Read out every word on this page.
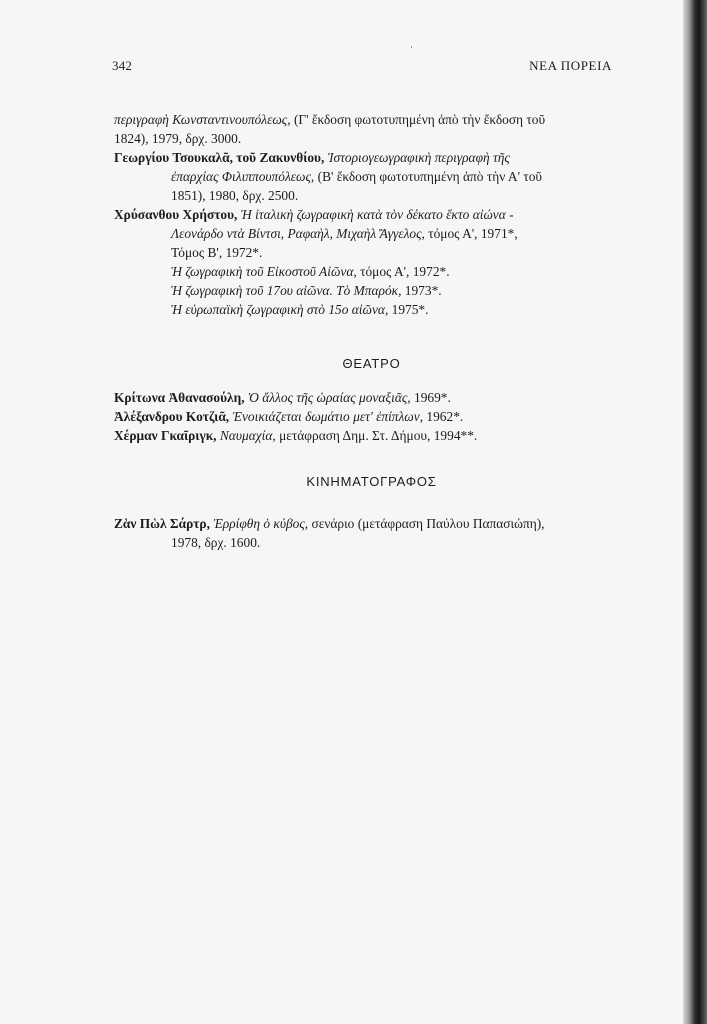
342	ΝΕΑ ΠΟΡΕΙΑ

περιγραφὴ Κωνσταντινουπόλεως, (Γ' ἔκδοση φωτοτυπημένη ἀπὸ τὴν ἔκδοση τοῦ

1824), 1979, δρχ. 3000.

Γεωργίου Τσουκαλᾶ, τοῦ Ζακυνθίου, Ἱστοριογεωγραφικὴ περιγραφὴ τῆς

ἐπαρχίας Φιλιππουπόλεως, (Β' ἔκδοση φωτοτυπημένη ἀπὸ τὴν Α' τοῦ

1851), 1980, δρχ. 2500.

Χρύσανθου Χρήστου, Ἡ ἰταλικὴ ζωγραφικὴ κατὰ τὸν δέκατο ἕκτο αἰώνα -

Λεονάρδο ντὰ Βίντσι, Ραφαὴλ, Μιχαὴλ Ἄγγελος, τόμος Α', 1971*,

Τόμος Β', 1972*.

Ἡ ζωγραφικὴ τοῦ Εἰκοστοῦ Αἰῶνα, τόμος Α', 1972*.

Ἡ ζωγραφικὴ τοῦ 17ου αἰῶνα. Τὸ Μπαρόκ, 1973*.

Ἡ εὐρωπαϊκὴ ζωγραφικὴ στὸ 15ο αἰῶνα, 1975*.

ΘΕΑΤΡΟ

Κρίτωνα Ἀθανασούλη, Ὁ ἄλλος τῆς ὡραίας μοναξιᾶς, 1969*.

Ἀλέξανδρου Κοτζιᾶ, Ἐνοικιάζεται δωμάτιο μετ' ἐπίπλων, 1962*.

Χέρμαν Γκαῖριγκ, Ναυμαχία, μετάφραση Δημ. Στ. Δήμου, 1994**.

ΚΙΝΗΜΑΤΟΓΡΑΦΟΣ

Ζὰν Πὼλ Σάρτρ, Ἐρρίφθη ὁ κύβος, σενάριο (μετάφραση Παύλου Παπασιώπη),

1978, δρχ. 1600.
